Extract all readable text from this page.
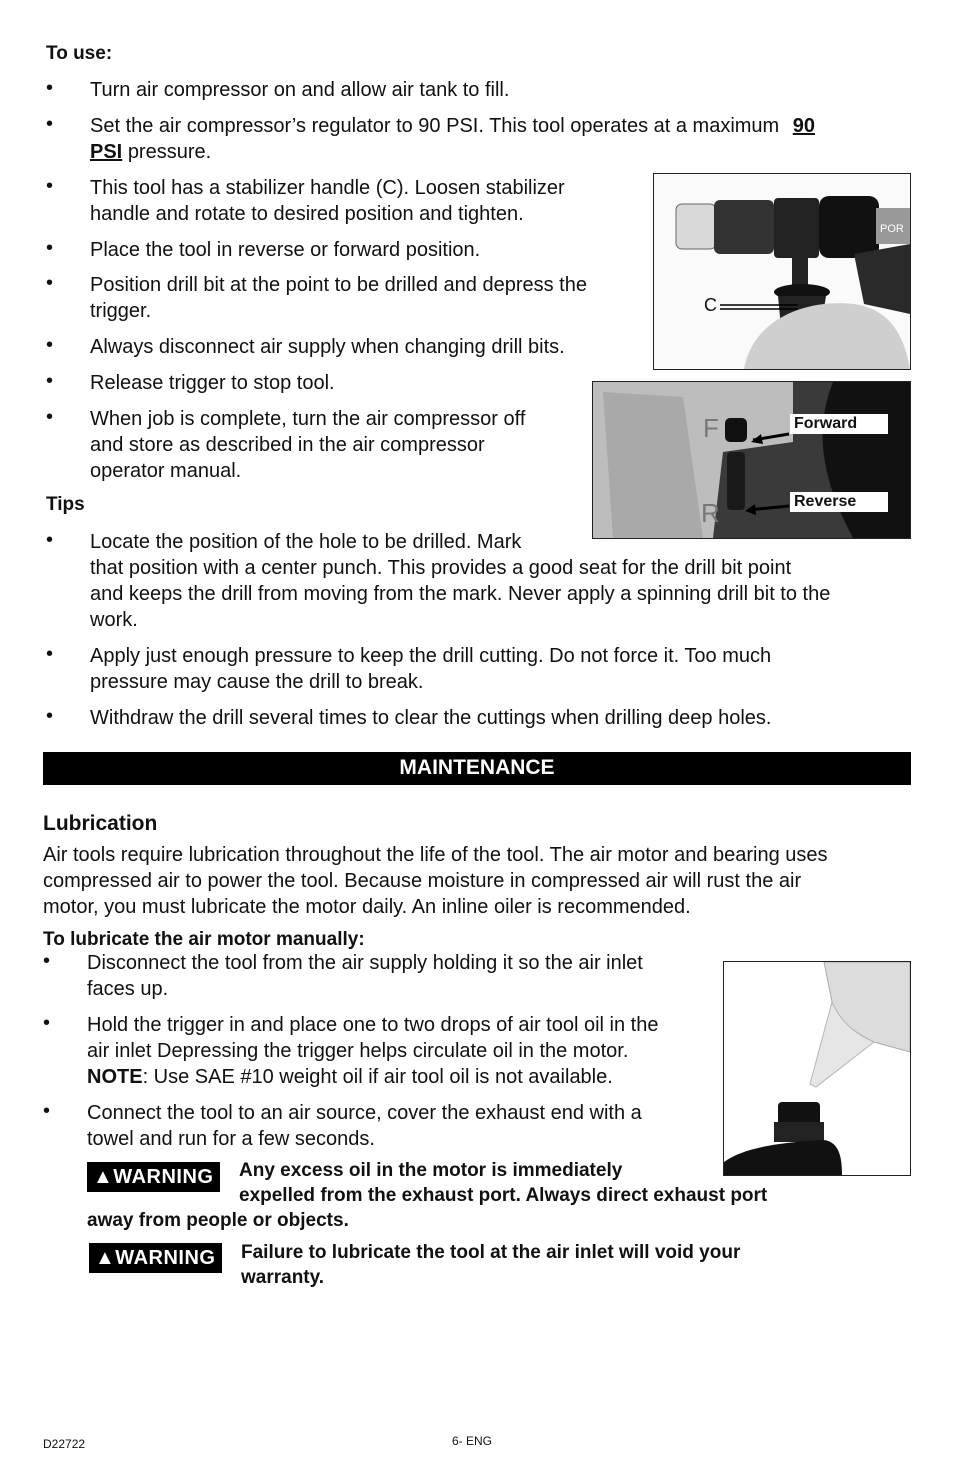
To use:
• Turn air compressor on and allow air tank to fill.
• Set the air compressor’s regulator to 90 PSI. This tool operates at a maximum 90
PSI pressure.
• This tool has a stabilizer handle (C). Loosen stabilizer
handle and rotate to desired position and tighten.
• Place the tool in reverse or forward position.
• Position drill bit at the point to be drilled and depress the
trigger.
• Always disconnect air supply when changing drill bits.
• Release trigger to stop tool.
• When job is complete, turn the air compressor off
and store as described in the air compressor
operator manual.
POR
C
F
R
Forward
Reverse
Tips
• Locate the position of the hole to be drilled. Mark
that position with a center punch. This provides a good seat for the drill bit point
and keeps the drill from moving from the mark. Never apply a spinning drill bit to the
work.
• Apply just enough pressure to keep the drill cutting. Do not force it. Too much
pressure may cause the drill to break.
• Withdraw the drill several times to clear the cuttings when drilling deep holes.
MAINTENANCE
Lubrication
Air tools require lubrication throughout the life of the tool. The air motor and bearing uses
compressed air to power the tool. Because moisture in compressed air will rust the air
motor, you must lubricate the motor daily. An inline oiler is recommended.
To lubricate the air motor manually:
• Disconnect the tool from the air supply holding it so the air inlet
faces up.
• Hold the trigger in and place one to two drops of air tool oil in the
air inlet Depressing the trigger helps circulate oil in the motor.
NOTE: Use SAE #10 weight oil if air tool oil is not available.
• Connect the tool to an air source, cover the exhaust end with a
towel and run for a few seconds.
▲WARNING	Any excess oil in the motor is immediately
expelled from the exhaust port. Always direct exhaust port
away from people or objects.
▲WARNING	Failure to lubricate the tool at the air inlet will void your
warranty.
D22722	6- ENG
